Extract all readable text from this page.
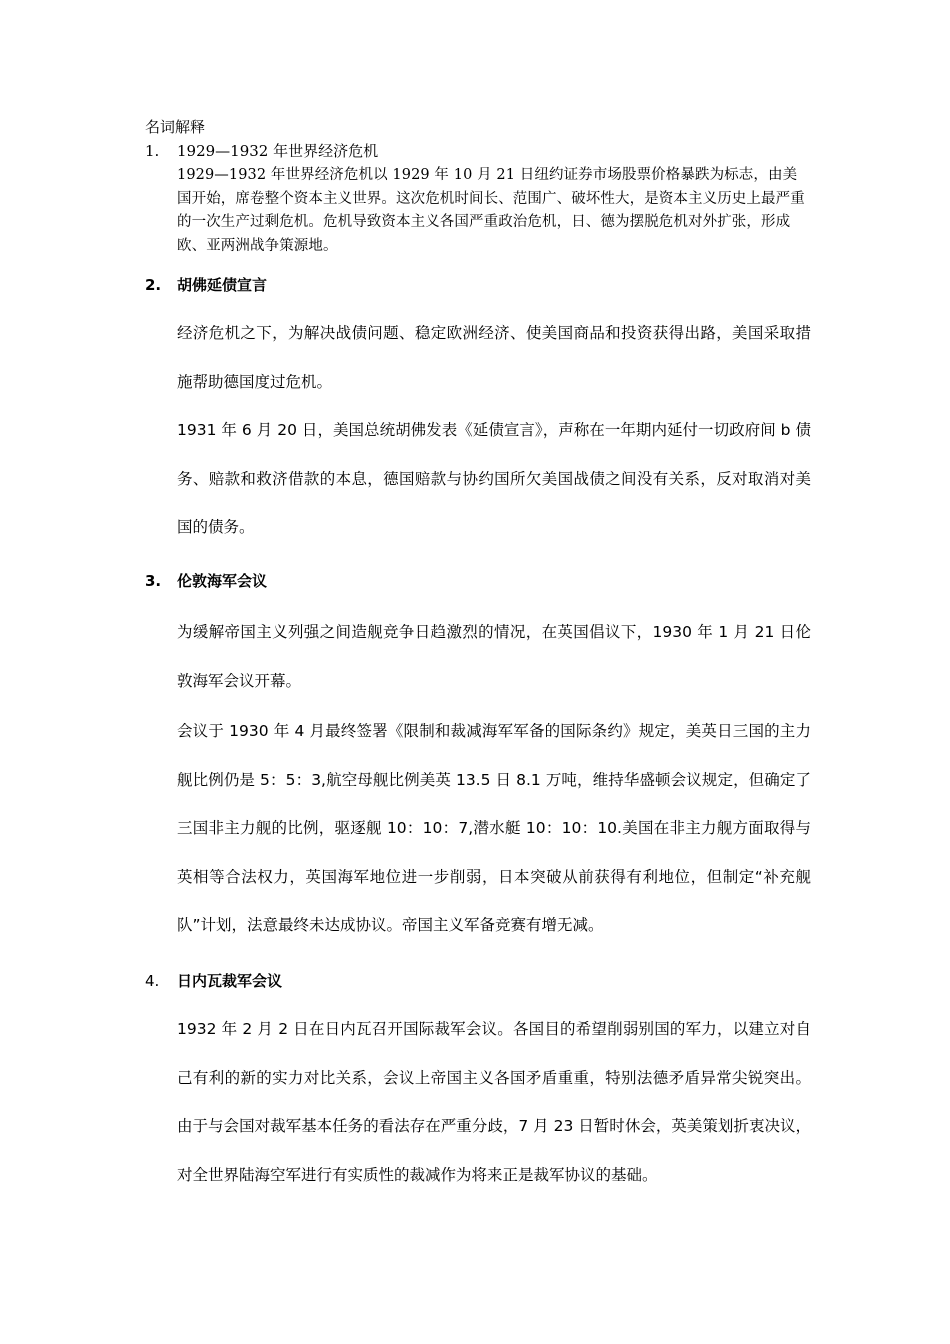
名词解释
1. 1929—1932 年世界经济危机
1929—1932 年世界经济危机以 1929 年 10 月 21 日纽约证券市场股票价格暴跌为标志，由美国开始，席卷整个资本主义世界。这次危机时间长、范围广、破坏性大，是资本主义历史上最严重的一次生产过剩危机。危机导致资本主义各国严重政治危机，日、德为摆脱危机对外扩张，形成欧、亚两洲战争策源地。
2. 胡佛延债宣言
经济危机之下，为解决战债问题、稳定欧洲经济、使美国商品和投资获得出路，美国采取措施帮助德国度过危机。
1931 年 6 月 20 日，美国总统胡佛发表《延债宣言》，声称在一年期内延付一切政府间 b 债务、赔款和救济借款的本息，德国赔款与协约国所欠美国战债之间没有关系，反对取消对美国的债务。
3. 伦敦海军会议
为缓解帝国主义列强之间造舰竞争日趋激烈的情况，在英国倡议下，1930 年 1 月 21 日伦敦海军会议开幕。
会议于 1930 年 4 月最终签署《限制和裁减海军军备的国际条约》规定，美英日三国的主力舰比例仍是 5：5：3,航空母舰比例美英 13.5 日 8.1 万吨，维持华盛顿会议规定，但确定了三国非主力舰的比例，驱逐舰 10：10：7,潜水艇 10：10：10.美国在非主力舰方面取得与英相等合法权力，英国海军地位进一步削弱，日本突破从前获得有利地位，但制定“补充舰队”计划，法意最终未达成协议。帝国主义军备竞赛有增无减。
4. 日内瓦裁军会议
1932 年 2 月 2 日在日内瓦召开国际裁军会议。各国目的希望削弱别国的军力，以建立对自己有利的新的实力对比关系，会议上帝国主义各国矛盾重重，特别法德矛盾异常尖锐突出。由于与会国对裁军基本任务的看法存在严重分歧，7 月 23 日暂时休会，英美策划折衷决议，对全世界陆海空军进行有实质性的裁减作为将来正是裁军协议的基础。
